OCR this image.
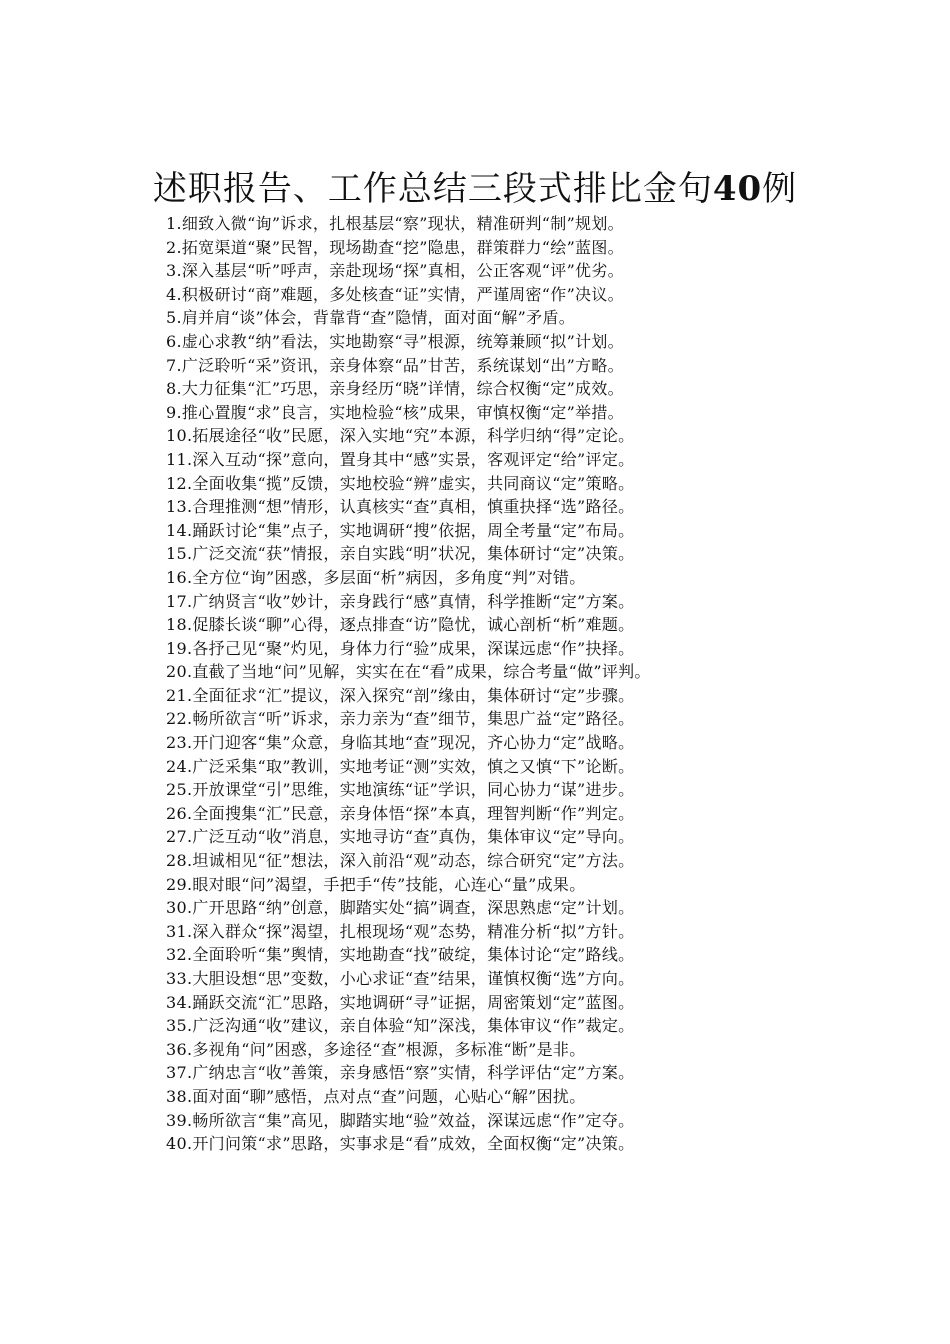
述职报告、工作总结三段式排比金句40例
1.细致入微“询”诉求，扎根基层“察”现状，精准研判“制”规划。
2.拓宽渠道“聚”民智，现场勘查“挖”隐患，群策群力“绘”蓝图。
3.深入基层“听”呼声，亲赴现场“探”真相，公正客观“评”优劣。
4.积极研讨“商”难题，多处核查“证”实情，严谨周密“作”决议。
5.肩并肩“谈”体会，背靠背“查”隐情，面对面“解”矛盾。
6.虚心求教“纳”看法，实地勘察“寻”根源，统筹兼顾“拟”计划。
7.广泛聆听“采”资讯，亲身体察“品”甘苦，系统谋划“出”方略。
8.大力征集“汇”巧思，亲身经历“晓”详情，综合权衡“定”成效。
9.推心置腹“求”良言，实地检验“核”成果，审慎权衡“定”举措。
10.拓展途径“收”民愿，深入实地“究”本源，科学归纳“得”定论。
11.深入互动“探”意向，置身其中“感”实景，客观评定“给”评定。
12.全面收集“揽”反馈，实地校验“辨”虚实，共同商议“定”策略。
13.合理推测“想”情形，认真核实“查”真相，慎重抉择“选”路径。
14.踊跃讨论“集”点子，实地调研“搜”依据，周全考量“定”布局。
15.广泛交流“获”情报，亲自实践“明”状况，集体研讨“定”决策。
16.全方位“询”困惑，多层面“析”病因，多角度“判”对错。
17.广纳贤言“收”妙计，亲身践行“感”真情，科学推断“定”方案。
18.促膝长谈“聊”心得，逐点排查“访”隐忧，诚心剖析“析”难题。
19.各抒己见“聚”灼见，身体力行“验”成果，深谋远虑“作”抉择。
20.直截了当地“问”见解，实实在在“看”成果，综合考量“做”评判。
21.全面征求“汇”提议，深入探究“剖”缘由，集体研讨“定”步骤。
22.畅所欲言“听”诉求，亲力亲为“查”细节，集思广益“定”路径。
23.开门迎客“集”众意，身临其地“查”现况，齐心协力“定”战略。
24.广泛采集“取”教训，实地考证“测”实效，慎之又慎“下”论断。
25.开放课堂“引”思维，实地演练“证”学识，同心协力“谋”进步。
26.全面搜集“汇”民意，亲身体悟“探”本真，理智判断“作”判定。
27.广泛互动“收”消息，实地寻访“查”真伪，集体审议“定”导向。
28.坦诚相见“征”想法，深入前沿“观”动态，综合研究“定”方法。
29.眼对眼“问”渴望，手把手“传”技能，心连心“量”成果。
30.广开思路“纳”创意，脚踏实处“搞”调查，深思熟虑“定”计划。
31.深入群众“探”渴望，扎根现场“观”态势，精准分析“拟”方针。
32.全面聆听“集”舆情，实地勘查“找”破绽，集体讨论“定”路线。
33.大胆设想“思”变数，小心求证“查”结果，谨慎权衡“选”方向。
34.踊跃交流“汇”思路，实地调研“寻”证据，周密策划“定”蓝图。
35.广泛沟通“收”建议，亲自体验“知”深浅，集体审议“作”裁定。
36.多视角“问”困惑，多途径“查”根源，多标准“断”是非。
37.广纳忠言“收”善策，亲身感悟“察”实情，科学评估“定”方案。
38.面对面“聊”感悟，点对点“查”问题，心贴心“解”困扰。
39.畅所欲言“集”高见，脚踏实地“验”效益，深谋远虑“作”定夺。
40.开门问策“求”思路，实事求是“看”成效，全面权衡“定”决策。
